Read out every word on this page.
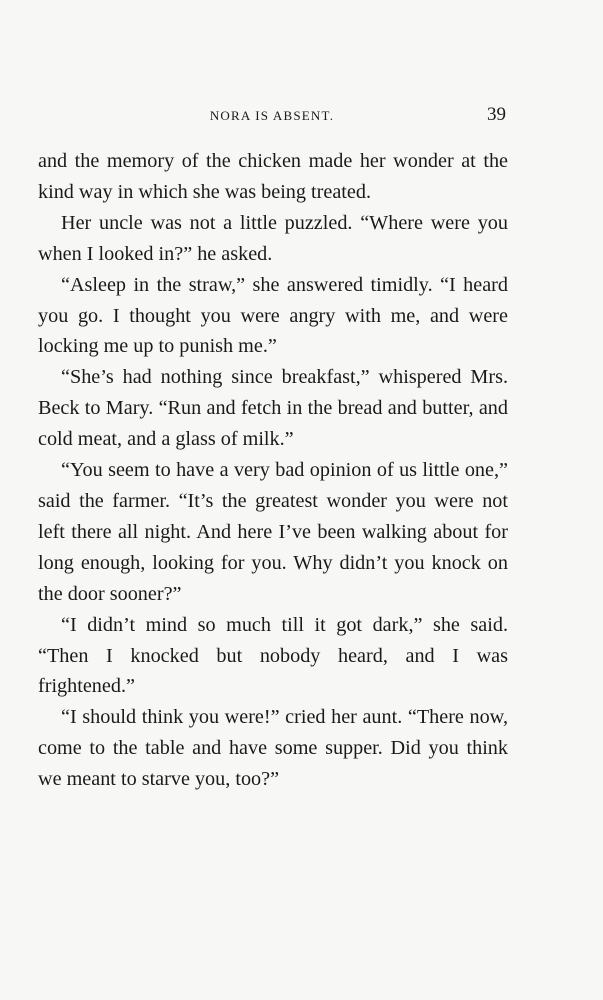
NORA IS ABSENT.	39

and the memory of the chicken made her wonder at the kind way in which she was being treated.

Her uncle was not a little puzzled. “Where were you when I looked in?” he asked.

“Asleep in the straw,” she answered timidly. “I heard you go. I thought you were angry with me, and were locking me up to punish me.”

“She’s had nothing since breakfast,” whispered Mrs. Beck to Mary. “Run and fetch in the bread and butter, and cold meat, and a glass of milk.”

“You seem to have a very bad opinion of us little one,” said the farmer. “It’s the greatest wonder you were not left there all night. And here I’ve been walking about for long enough, looking for you. Why didn’t you knock on the door sooner?”

“I didn’t mind so much till it got dark,” she said. “Then I knocked but nobody heard, and I was frightened.”

“I should think you were!” cried her aunt. “There now, come to the table and have some supper. Did you think we meant to starve you, too?”
